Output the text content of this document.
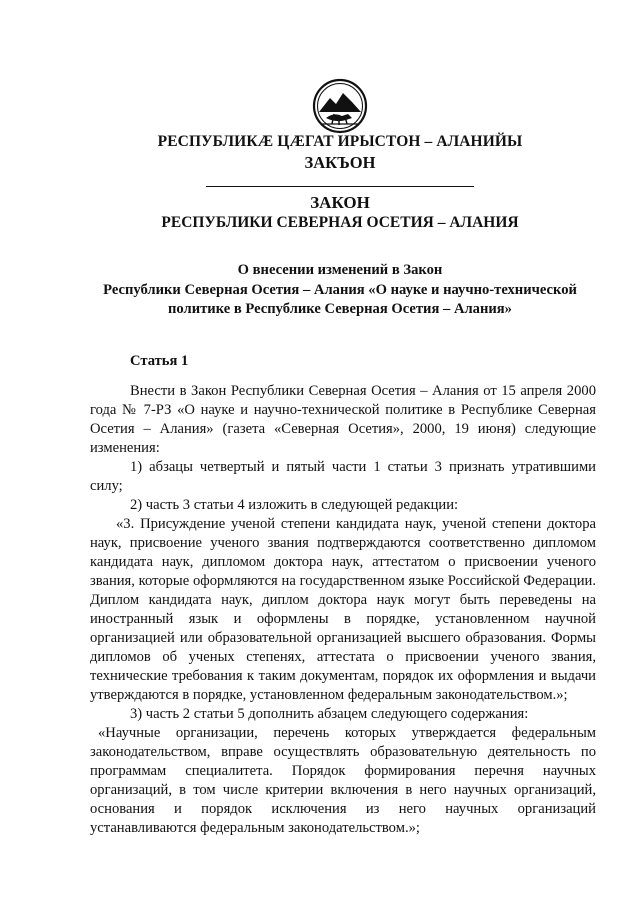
РЕСПУБЛИКÆ ЦÆГАТ ИРЫСТОН – АЛАНИЙЫ
ЗАКЪОН
ЗАКОН
РЕСПУБЛИКИ СЕВЕРНАЯ ОСЕТИЯ – АЛАНИЯ
О внесении изменений в Закон
Республики Северная Осетия – Алания «О науке и научно-технической
политике в Республике Северная Осетия – Алания»
Статья 1

Внести в Закон Республики Северная Осетия – Алания от 15 апреля 2000 года № 7-РЗ «О науке и научно-технической политике в Республике Северная Осетия – Алания» (газета «Северная Осетия», 2000, 19 июня) следующие изменения:

1) абзацы четвертый и пятый части 1 статьи 3 признать утратившими силу;

2) часть 3 статьи 4 изложить в следующей редакции:

«3. Присуждение ученой степени кандидата наук, ученой степени доктора наук, присвоение ученого звания подтверждаются соответственно дипломом кандидата наук, дипломом доктора наук, аттестатом о присвоении ученого звания, которые оформляются на государственном языке Российской Федерации. Диплом кандидата наук, диплом доктора наук могут быть переведены на иностранный язык и оформлены в порядке, установленном научной организацией или образовательной организацией высшего образования. Формы дипломов об ученых степенях, аттестата о присвоении ученого звания, технические требования к таким документам, порядок их оформления и выдачи утверждаются в порядке, установленном федеральным законодательством.»;

3) часть 2 статьи 5 дополнить абзацем следующего содержания:

«Научные организации, перечень которых утверждается федеральным законодательством, вправе осуществлять образовательную деятельность по программам специалитета. Порядок формирования перечня научных организаций, в том числе критерии включения в него научных организаций, основания и порядок исключения из него научных организаций устанавливаются федеральным законодательством.»;
